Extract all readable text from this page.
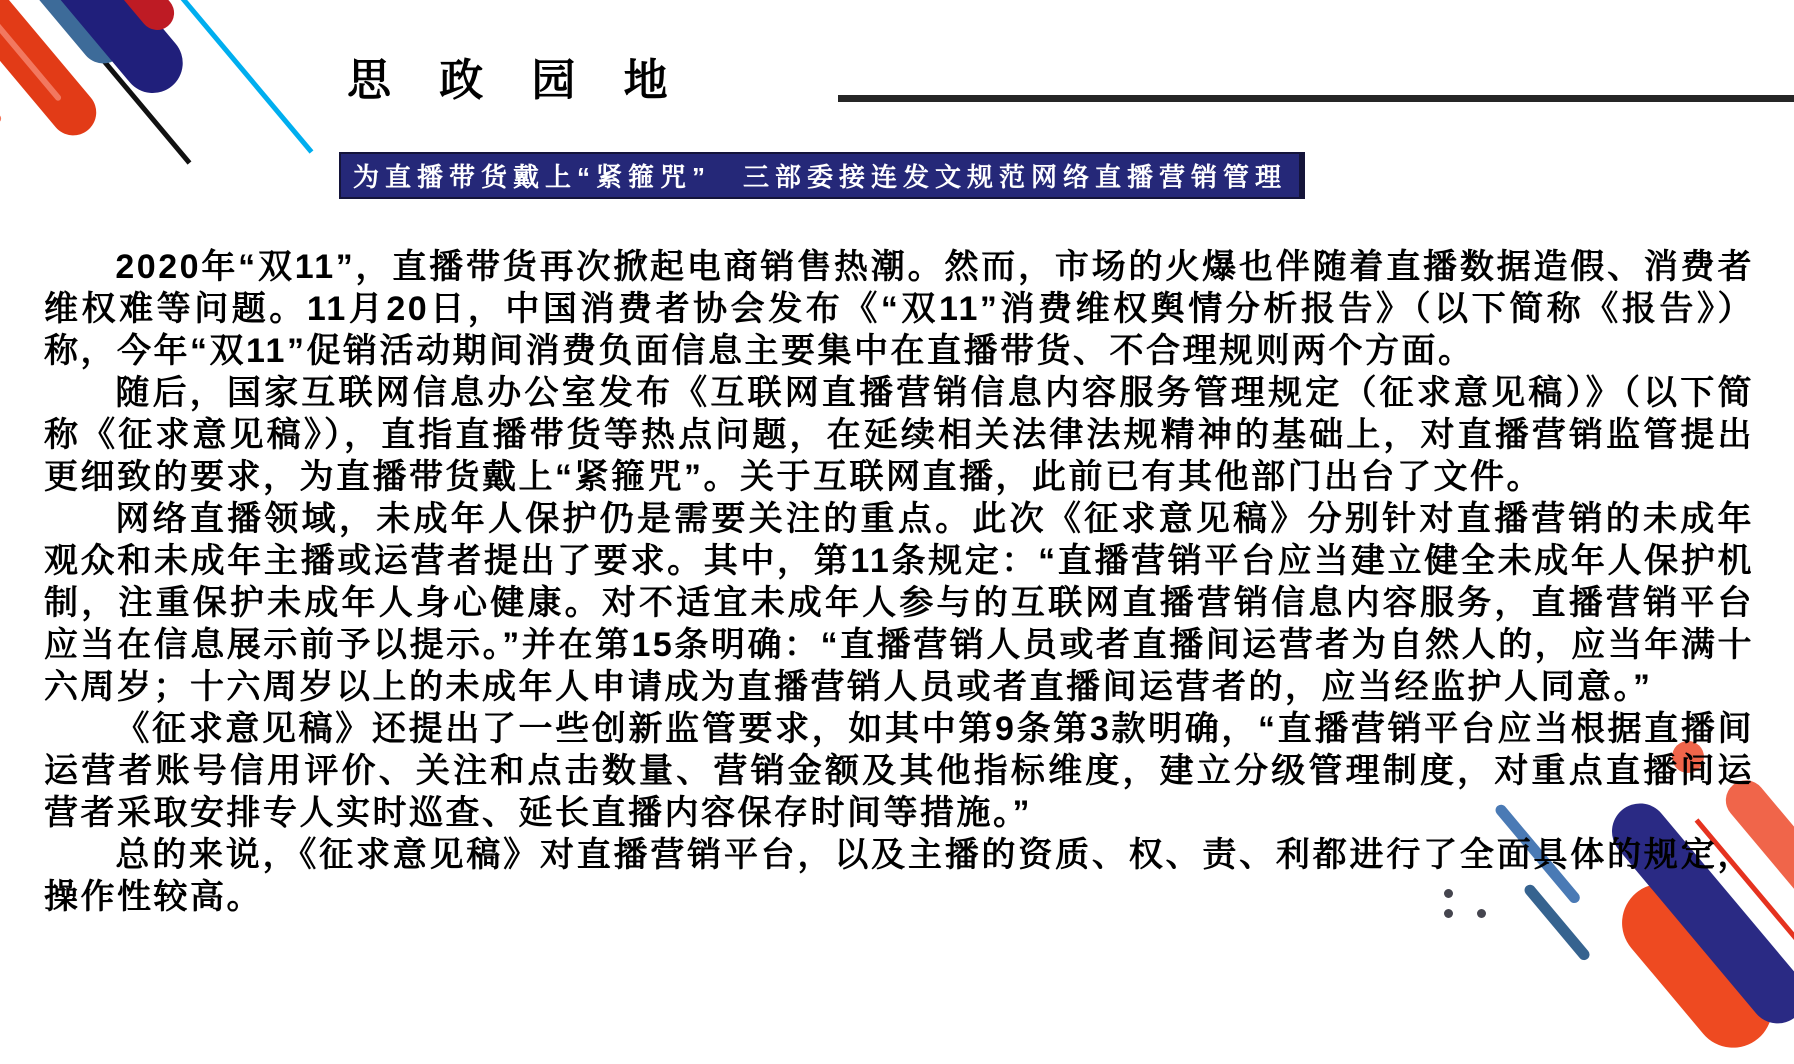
思 政 园 地
为直播带货戴上“紧箍咒”　三部委接连发文规范网络直播营销管理

2020年“双11”，直播带货再次掀起电商销售热潮。然而，市场的火爆也伴随着直播数据造假、消费者维权难等问题。11月20日，中国消费者协会发布《“双11”消费维权舆情分析报告》（以下简称《报告》）称，今年“双11”促销活动期间消费负面信息主要集中在直播带货、不合理规则两个方面。

随后，国家互联网信息办公室发布《互联网直播营销信息内容服务管理规定（征求意见稿）》（以下简称《征求意见稿》），直指直播带货等热点问题，在延续相关法律法规精神的基础上，对直播营销监管提出更细致的要求，为直播带货戴上“紧箍咒”。关于互联网直播，此前已有其他部门出台了文件。

网络直播领域，未成年人保护仍是需要关注的重点。此次《征求意见稿》分别针对直播营销的未成年观众和未成年主播或运营者提出了要求。其中，第11条规定：“直播营销平台应当建立健全未成年人保护机制，注重保护未成年人身心健康。对不适宜未成年人参与的互联网直播营销信息内容服务，直播营销平台应当在信息展示前予以提示。”并在第15条明确：“直播营销人员或者直播间运营者为自然人的，应当年满十六周岁；十六周岁以上的未成年人申请成为直播营销人员或者直播间运营者的，应当经监护人同意。”

《征求意见稿》还提出了一些创新监管要求，如其中第9条第3款明确，“直播营销平台应当根据直播间运营者账号信用评价、关注和点击数量、营销金额及其他指标维度，建立分级管理制度，对重点直播间运营者采取安排专人实时巡查、延长直播内容保存时间等措施。”

总的来说，《征求意见稿》对直播营销平台，以及主播的资质、权、责、利都进行了全面具体的规定，操作性较高。
